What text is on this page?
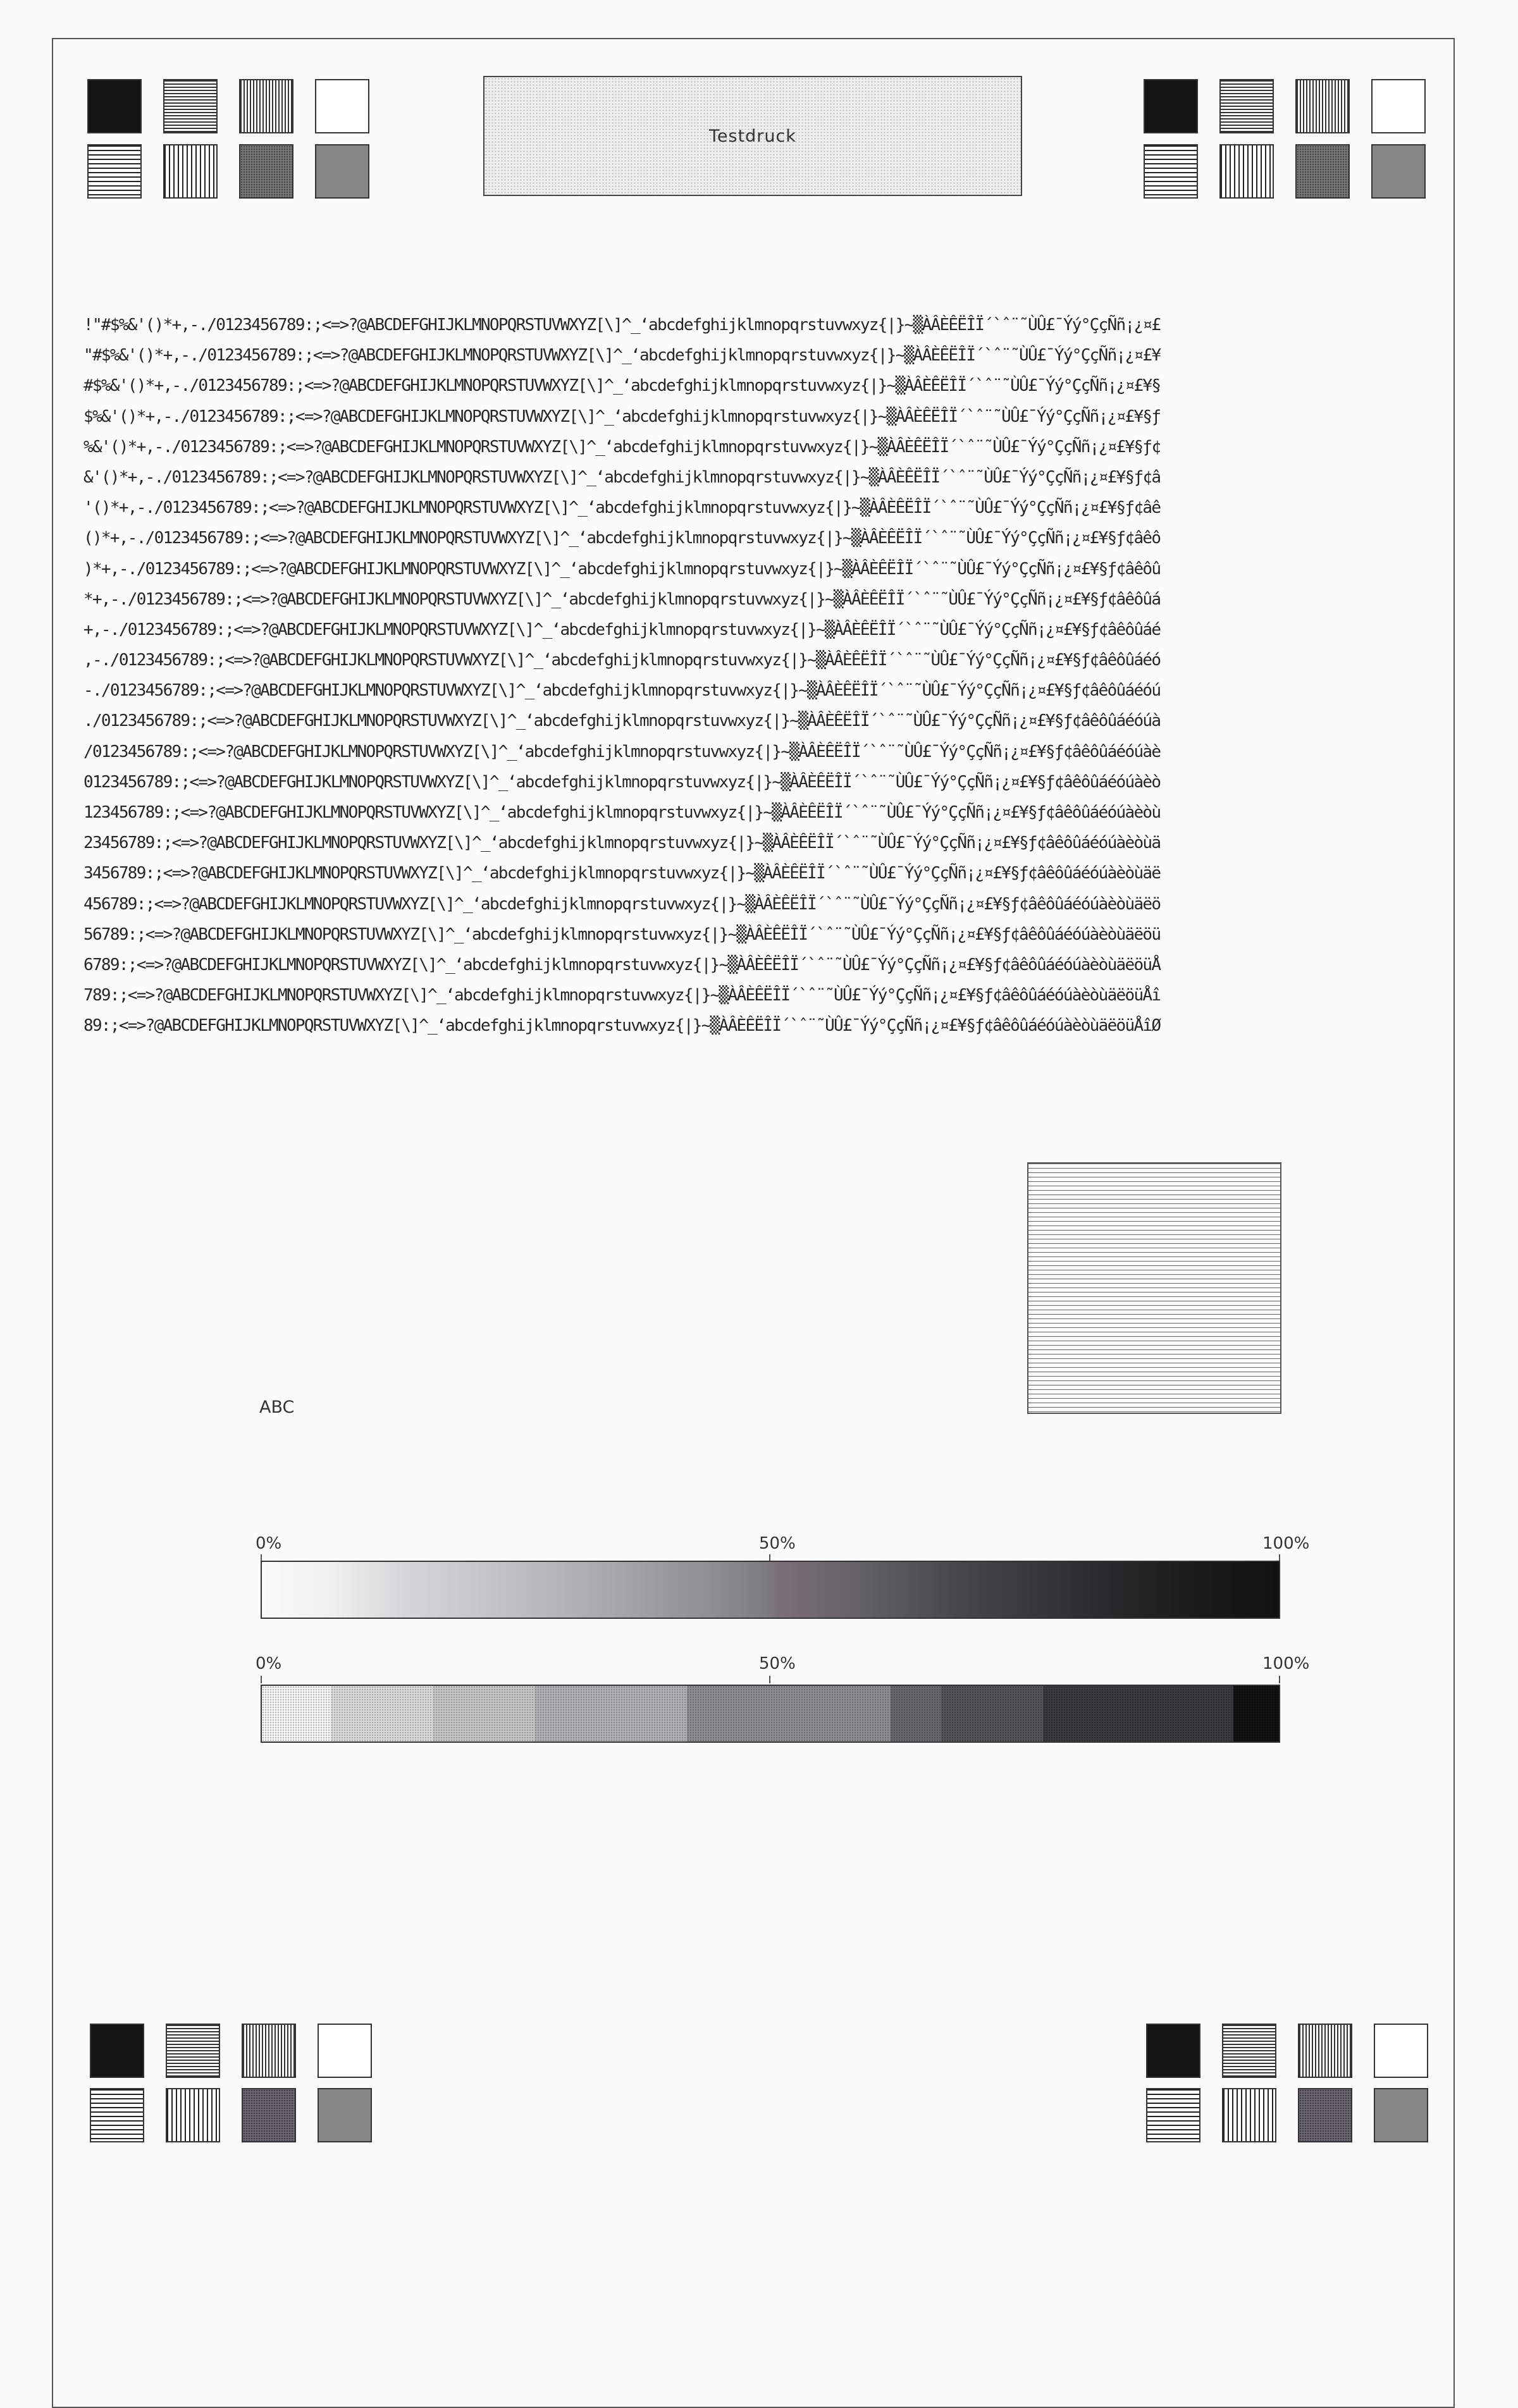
Testdruck
!"#$%&'()*+,-./0123456789:;<=>?@ABCDEFGHIJKLMNOPQRSTUVWXYZ[\]^_‘abcdefghijklmnopqrstuvwxyz{|}~▒ÀÂÈÊËÎÏ´`ˆ¨˜ÙÛ£¯Ýý°ÇçÑñ¡¿¤£
"#$%&'()*+,-./0123456789:;<=>?@ABCDEFGHIJKLMNOPQRSTUVWXYZ[\]^_‘abcdefghijklmnopqrstuvwxyz{|}~▒ÀÂÈÊËÎÏ´`ˆ¨˜ÙÛ£¯Ýý°ÇçÑñ¡¿¤£¥
#$%&'()*+,-./0123456789:;<=>?@ABCDEFGHIJKLMNOPQRSTUVWXYZ[\]^_‘abcdefghijklmnopqrstuvwxyz{|}~▒ÀÂÈÊËÎÏ´`ˆ¨˜ÙÛ£¯Ýý°ÇçÑñ¡¿¤£¥§
$%&'()*+,-./0123456789:;<=>?@ABCDEFGHIJKLMNOPQRSTUVWXYZ[\]^_‘abcdefghijklmnopqrstuvwxyz{|}~▒ÀÂÈÊËÎÏ´`ˆ¨˜ÙÛ£¯Ýý°ÇçÑñ¡¿¤£¥§ƒ
%&'()*+,-./0123456789:;<=>?@ABCDEFGHIJKLMNOPQRSTUVWXYZ[\]^_‘abcdefghijklmnopqrstuvwxyz{|}~▒ÀÂÈÊËÎÏ´`ˆ¨˜ÙÛ£¯Ýý°ÇçÑñ¡¿¤£¥§ƒ¢
&'()*+,-./0123456789:;<=>?@ABCDEFGHIJKLMNOPQRSTUVWXYZ[\]^_‘abcdefghijklmnopqrstuvwxyz{|}~▒ÀÂÈÊËÎÏ´`ˆ¨˜ÙÛ£¯Ýý°ÇçÑñ¡¿¤£¥§ƒ¢â
'()*+,-./0123456789:;<=>?@ABCDEFGHIJKLMNOPQRSTUVWXYZ[\]^_‘abcdefghijklmnopqrstuvwxyz{|}~▒ÀÂÈÊËÎÏ´`ˆ¨˜ÙÛ£¯Ýý°ÇçÑñ¡¿¤£¥§ƒ¢âê
()*+,-./0123456789:;<=>?@ABCDEFGHIJKLMNOPQRSTUVWXYZ[\]^_‘abcdefghijklmnopqrstuvwxyz{|}~▒ÀÂÈÊËÎÏ´`ˆ¨˜ÙÛ£¯Ýý°ÇçÑñ¡¿¤£¥§ƒ¢âêô
)*+,-./0123456789:;<=>?@ABCDEFGHIJKLMNOPQRSTUVWXYZ[\]^_‘abcdefghijklmnopqrstuvwxyz{|}~▒ÀÂÈÊËÎÏ´`ˆ¨˜ÙÛ£¯Ýý°ÇçÑñ¡¿¤£¥§ƒ¢âêôû
*+,-./0123456789:;<=>?@ABCDEFGHIJKLMNOPQRSTUVWXYZ[\]^_‘abcdefghijklmnopqrstuvwxyz{|}~▒ÀÂÈÊËÎÏ´`ˆ¨˜ÙÛ£¯Ýý°ÇçÑñ¡¿¤£¥§ƒ¢âêôûá
+,-./0123456789:;<=>?@ABCDEFGHIJKLMNOPQRSTUVWXYZ[\]^_‘abcdefghijklmnopqrstuvwxyz{|}~▒ÀÂÈÊËÎÏ´`ˆ¨˜ÙÛ£¯Ýý°ÇçÑñ¡¿¤£¥§ƒ¢âêôûáé
,-./0123456789:;<=>?@ABCDEFGHIJKLMNOPQRSTUVWXYZ[\]^_‘abcdefghijklmnopqrstuvwxyz{|}~▒ÀÂÈÊËÎÏ´`ˆ¨˜ÙÛ£¯Ýý°ÇçÑñ¡¿¤£¥§ƒ¢âêôûáéó
-./0123456789:;<=>?@ABCDEFGHIJKLMNOPQRSTUVWXYZ[\]^_‘abcdefghijklmnopqrstuvwxyz{|}~▒ÀÂÈÊËÎÏ´`ˆ¨˜ÙÛ£¯Ýý°ÇçÑñ¡¿¤£¥§ƒ¢âêôûáéóú
./0123456789:;<=>?@ABCDEFGHIJKLMNOPQRSTUVWXYZ[\]^_‘abcdefghijklmnopqrstuvwxyz{|}~▒ÀÂÈÊËÎÏ´`ˆ¨˜ÙÛ£¯Ýý°ÇçÑñ¡¿¤£¥§ƒ¢âêôûáéóúà
/0123456789:;<=>?@ABCDEFGHIJKLMNOPQRSTUVWXYZ[\]^_‘abcdefghijklmnopqrstuvwxyz{|}~▒ÀÂÈÊËÎÏ´`ˆ¨˜ÙÛ£¯Ýý°ÇçÑñ¡¿¤£¥§ƒ¢âêôûáéóúàè
0123456789:;<=>?@ABCDEFGHIJKLMNOPQRSTUVWXYZ[\]^_‘abcdefghijklmnopqrstuvwxyz{|}~▒ÀÂÈÊËÎÏ´`ˆ¨˜ÙÛ£¯Ýý°ÇçÑñ¡¿¤£¥§ƒ¢âêôûáéóúàèò
123456789:;<=>?@ABCDEFGHIJKLMNOPQRSTUVWXYZ[\]^_‘abcdefghijklmnopqrstuvwxyz{|}~▒ÀÂÈÊËÎÏ´`ˆ¨˜ÙÛ£¯Ýý°ÇçÑñ¡¿¤£¥§ƒ¢âêôûáéóúàèòù
23456789:;<=>?@ABCDEFGHIJKLMNOPQRSTUVWXYZ[\]^_‘abcdefghijklmnopqrstuvwxyz{|}~▒ÀÂÈÊËÎÏ´`ˆ¨˜ÙÛ£¯Ýý°ÇçÑñ¡¿¤£¥§ƒ¢âêôûáéóúàèòùä
3456789:;<=>?@ABCDEFGHIJKLMNOPQRSTUVWXYZ[\]^_‘abcdefghijklmnopqrstuvwxyz{|}~▒ÀÂÈÊËÎÏ´`ˆ¨˜ÙÛ£¯Ýý°ÇçÑñ¡¿¤£¥§ƒ¢âêôûáéóúàèòùäë
456789:;<=>?@ABCDEFGHIJKLMNOPQRSTUVWXYZ[\]^_‘abcdefghijklmnopqrstuvwxyz{|}~▒ÀÂÈÊËÎÏ´`ˆ¨˜ÙÛ£¯Ýý°ÇçÑñ¡¿¤£¥§ƒ¢âêôûáéóúàèòùäëö
56789:;<=>?@ABCDEFGHIJKLMNOPQRSTUVWXYZ[\]^_‘abcdefghijklmnopqrstuvwxyz{|}~▒ÀÂÈÊËÎÏ´`ˆ¨˜ÙÛ£¯Ýý°ÇçÑñ¡¿¤£¥§ƒ¢âêôûáéóúàèòùäëöü
6789:;<=>?@ABCDEFGHIJKLMNOPQRSTUVWXYZ[\]^_‘abcdefghijklmnopqrstuvwxyz{|}~▒ÀÂÈÊËÎÏ´`ˆ¨˜ÙÛ£¯Ýý°ÇçÑñ¡¿¤£¥§ƒ¢âêôûáéóúàèòùäëöüÅ
789:;<=>?@ABCDEFGHIJKLMNOPQRSTUVWXYZ[\]^_‘abcdefghijklmnopqrstuvwxyz{|}~▒ÀÂÈÊËÎÏ´`ˆ¨˜ÙÛ£¯Ýý°ÇçÑñ¡¿¤£¥§ƒ¢âêôûáéóúàèòùäëöüÅî
89:;<=>?@ABCDEFGHIJKLMNOPQRSTUVWXYZ[\]^_‘abcdefghijklmnopqrstuvwxyz{|}~▒ÀÂÈÊËÎÏ´`ˆ¨˜ÙÛ£¯Ýý°ÇçÑñ¡¿¤£¥§ƒ¢âêôûáéóúàèòùäëöüÅîØ
ABC
0%	50%	100%
0%	50%	100%
